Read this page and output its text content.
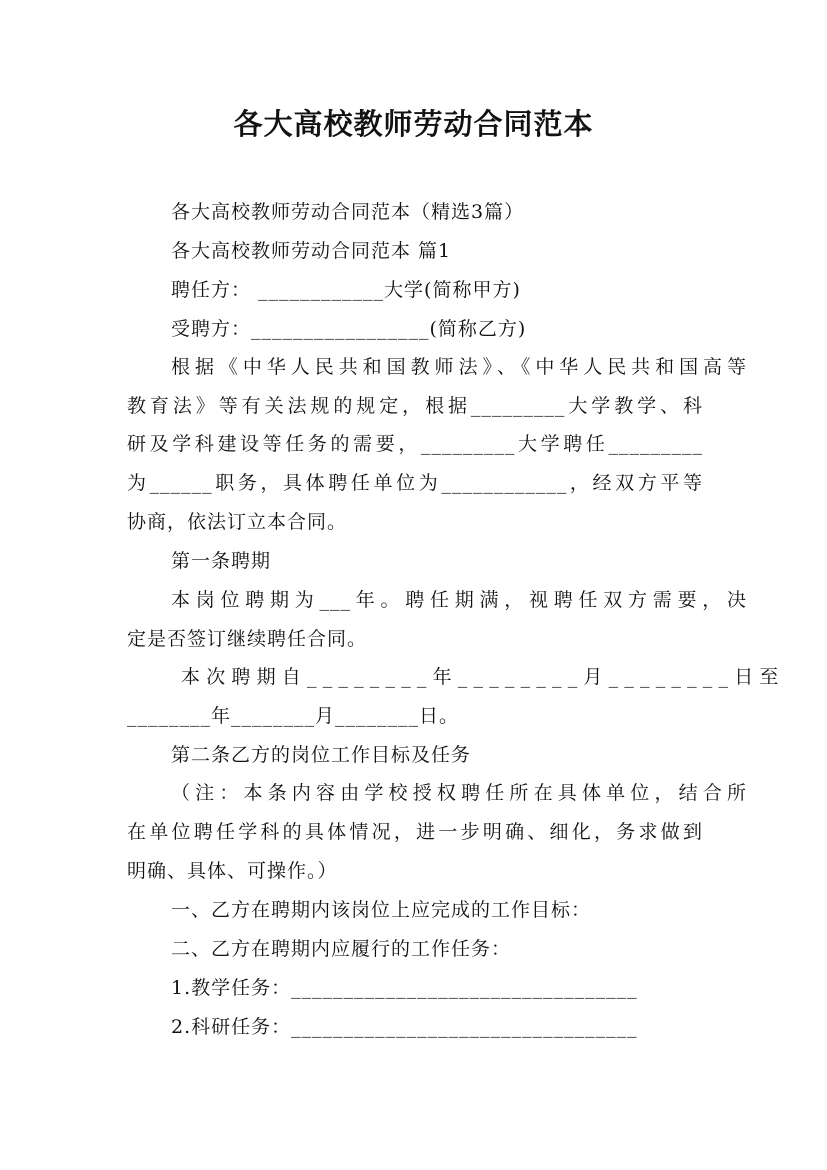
各大高校教师劳动合同范本
各大高校教师劳动合同范本（精选3篇）
各大高校教师劳动合同范本 篇1
聘任方： ____________大学(简称甲方)
受聘方：_________________(简称乙方)
根据《中华人民共和国教师法》、《中华人民共和国高等
教育法》等有关法规的规定，根据_________大学教学、科
研及学科建设等任务的需要，_________大学聘任_________
为______职务，具体聘任单位为____________，经双方平等
协商，依法订立本合同。
第一条聘期
本岗位聘期为___年。聘任期满，视聘任双方需要，决
定是否签订继续聘任合同。
本次聘期自________年________月________日至
________年________月________日。
第二条乙方的岗位工作目标及任务
（注：本条内容由学校授权聘任所在具体单位，结合所
在单位聘任学科的具体情况，进一步明确、细化，务求做到
明确、具体、可操作。）
一、乙方在聘期内该岗位上应完成的工作目标：
二、乙方在聘期内应履行的工作任务：
1.教学任务：_________________________________
2.科研任务：_________________________________
